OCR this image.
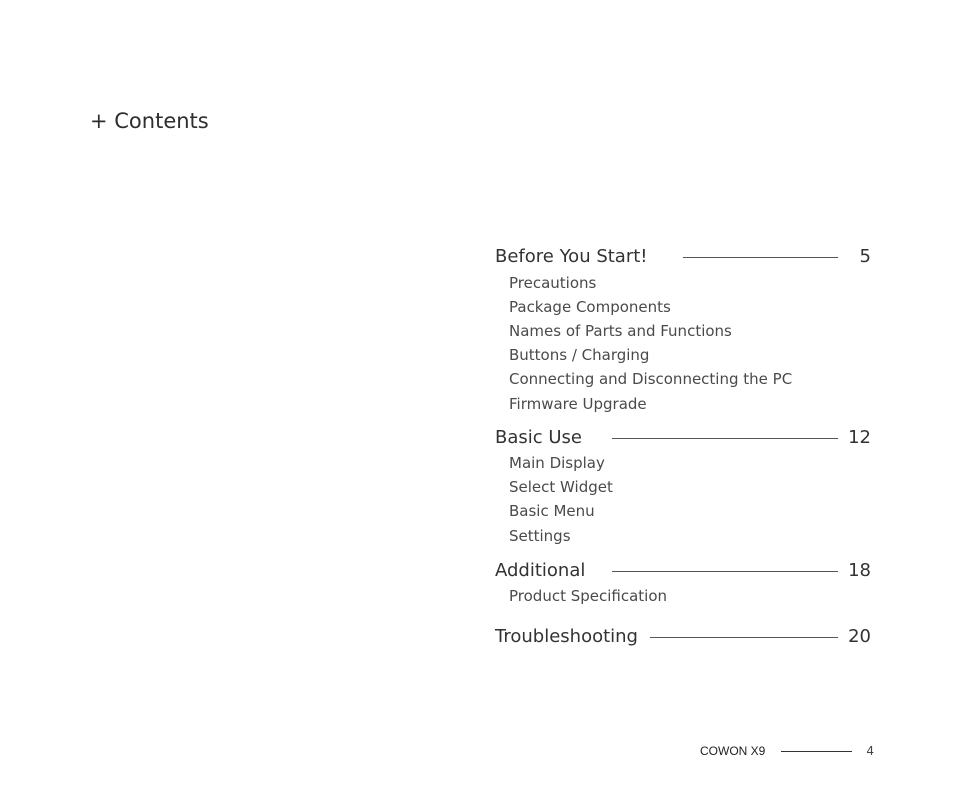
+ Contents
Before You Start!	5
Precautions
Package Components
Names of Parts and Functions
Buttons / Charging
Connecting and Disconnecting the PC
Firmware Upgrade
Basic Use	12
Main Display
Select Widget
Basic Menu
Settings
Additional	18
Product Specification
Troubleshooting	20
COWON X9	4
